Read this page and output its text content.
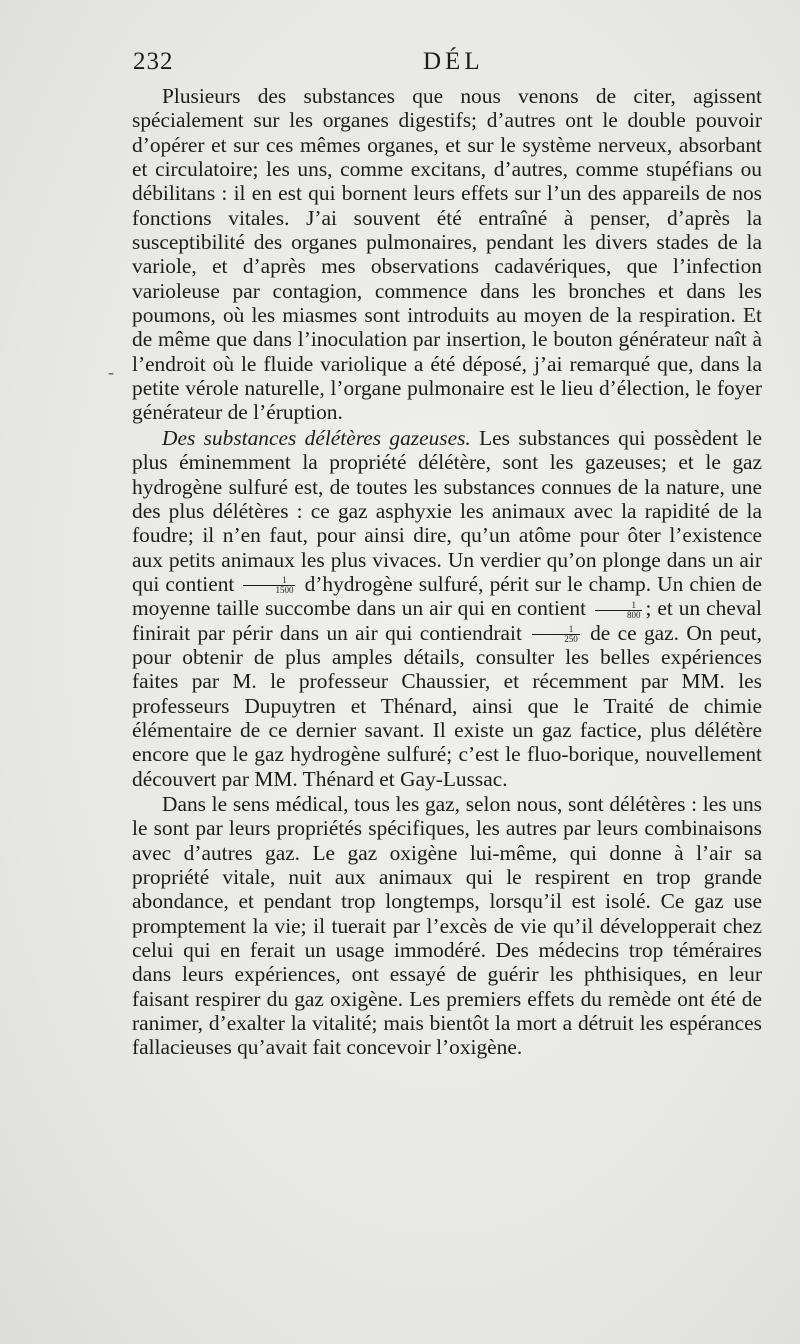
232	DÉL
-

Plusieurs des substances que nous venons de citer, agissent spécialement sur les organes digestifs; d’autres ont le double pouvoir d’opérer et sur ces mêmes organes, et sur le système nerveux, absorbant et circulatoire; les uns, comme excitans, d’autres, comme stupéfians ou débilitans : il en est qui bornent leurs effets sur l’un des appareils de nos fonctions vitales. J’ai souvent été entraîné à penser, d’après la susceptibilité des organes pulmonaires, pendant les divers stades de la variole, et d’après mes observations cadavériques, que l’infection varioleuse par contagion, commence dans les bronches et dans les poumons, où les miasmes sont introduits au moyen de la respiration. Et de même que dans l’inoculation par insertion, le bouton générateur naît à l’endroit où le fluide variolique a été déposé, j’ai remarqué que, dans la petite vérole naturelle, l’organe pulmonaire est le lieu d’élection, le foyer générateur de l’éruption.

Des substances délétères gazeuses. Les substances qui possèdent le plus éminemment la propriété délétère, sont les gazeuses; et le gaz hydrogène sulfuré est, de toutes les substances connues de la nature, une des plus délétères : ce gaz asphyxie les animaux avec la rapidité de la foudre; il n’en faut, pour ainsi dire, qu’un atôme pour ôter l’existence aux petits animaux les plus vivaces. Un verdier qu’on plonge dans un air qui contient $\frac{1}{1500}$ d’hydrogène sulfuré, périt sur le champ. Un chien de moyenne taille succombe dans un air qui en contient $\frac{1}{800}$ ; et un cheval finirait par périr dans un air qui contiendrait $\frac{1}{250}$ de ce gaz. On peut, pour obtenir de plus amples détails, consulter les belles expériences faites par M. le professeur Chaussier, et récemment par MM. les professeurs Dupuytren et Thénard, ainsi que le Traité de chimie élémentaire de ce dernier savant. Il existe un gaz factice, plus délétère encore que le gaz hydrogène sulfuré; c’est le fluo-borique, nouvellement découvert par MM. Thénard et Gay-Lussac.

Dans le sens médical, tous les gaz, selon nous, sont délétères : les uns le sont par leurs propriétés spécifiques, les autres par leurs combinaisons avec d’autres gaz. Le gaz oxigène lui-même, qui donne à l’air sa propriété vitale, nuit aux animaux qui le respirent en trop grande abondance, et pendant trop longtemps, lorsqu’il est isolé. Ce gaz use promptement la vie; il tuerait par l’excès de vie qu’il développerait chez celui qui en ferait un usage immodéré. Des médecins trop téméraires dans leurs expériences, ont essayé de guérir les phthisiques, en leur faisant respirer du gaz oxigène. Les premiers effets du remède ont été de ranimer, d’exalter la vitalité; mais bientôt la mort a détruit les espérances fallacieuses qu’avait fait concevoir l’oxigène.
